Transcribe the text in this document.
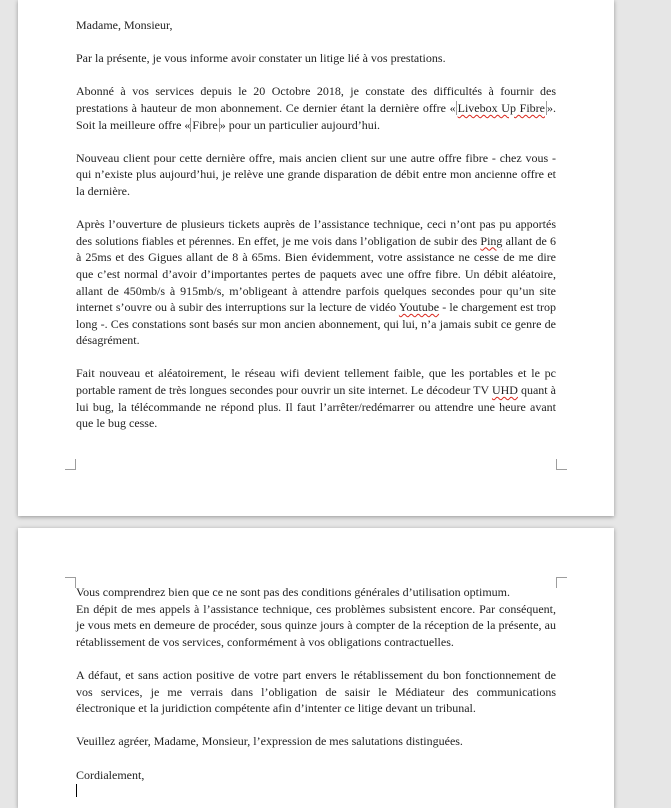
Madame, Monsieur,

Par la présente, je vous informe avoir constater un litige lié à vos prestations.

Abonné à vos services depuis le 20 Octobre 2018, je constate des difficultés à fournir des prestations à hauteur de mon abonnement. Ce dernier étant la dernière offre « Livebox Up Fibre ». Soit la meilleure offre « Fibre » pour un particulier aujourd’hui.

Nouveau client pour cette dernière offre, mais ancien client sur une autre offre fibre - chez vous - qui n’existe plus aujourd’hui, je relève une grande disparation de débit entre mon ancienne offre et la dernière.

Après l’ouverture de plusieurs tickets auprès de l’assistance technique, ceci n’ont pas pu apportés des solutions fiables et pérennes. En effet, je me vois dans l’obligation de subir des Ping allant de 6 à 25ms et des Gigues allant de 8 à 65ms. Bien évidemment, votre assistance ne cesse de me dire que c’est normal d’avoir d’importantes pertes de paquets avec une offre fibre. Un débit aléatoire, allant de 450mb/s à 915mb/s, m’obligeant à attendre parfois quelques secondes pour qu’un site internet s’ouvre ou à subir des interruptions sur la lecture de vidéo Youtube - le chargement est trop long -. Ces constations sont basés sur mon ancien abonnement, qui lui, n’a jamais subit ce genre de désagrément.

Fait nouveau et aléatoirement, le réseau wifi devient tellement faible, que les portables et le pc portable rament de très longues secondes pour ouvrir un site internet. Le décodeur TV UHD quant à lui bug, la télécommande ne répond plus. Il faut l’arrêter/redémarrer ou attendre une heure avant que le bug cesse.

Vous comprendrez bien que ce ne sont pas des conditions générales d’utilisation optimum.

En dépit de mes appels à l’assistance technique, ces problèmes subsistent encore. Par conséquent, je vous mets en demeure de procéder, sous quinze jours à compter de la réception de la présente, au rétablissement de vos services, conformément à vos obligations contractuelles.

A défaut, et sans action positive de votre part envers le rétablissement du bon fonctionnement de vos services, je me verrais dans l’obligation de saisir le Médiateur des communications électronique et la juridiction compétente afin d’intenter ce litige devant un tribunal.

Veuillez agréer, Madame, Monsieur, l’expression de mes salutations distinguées.

Cordialement,
